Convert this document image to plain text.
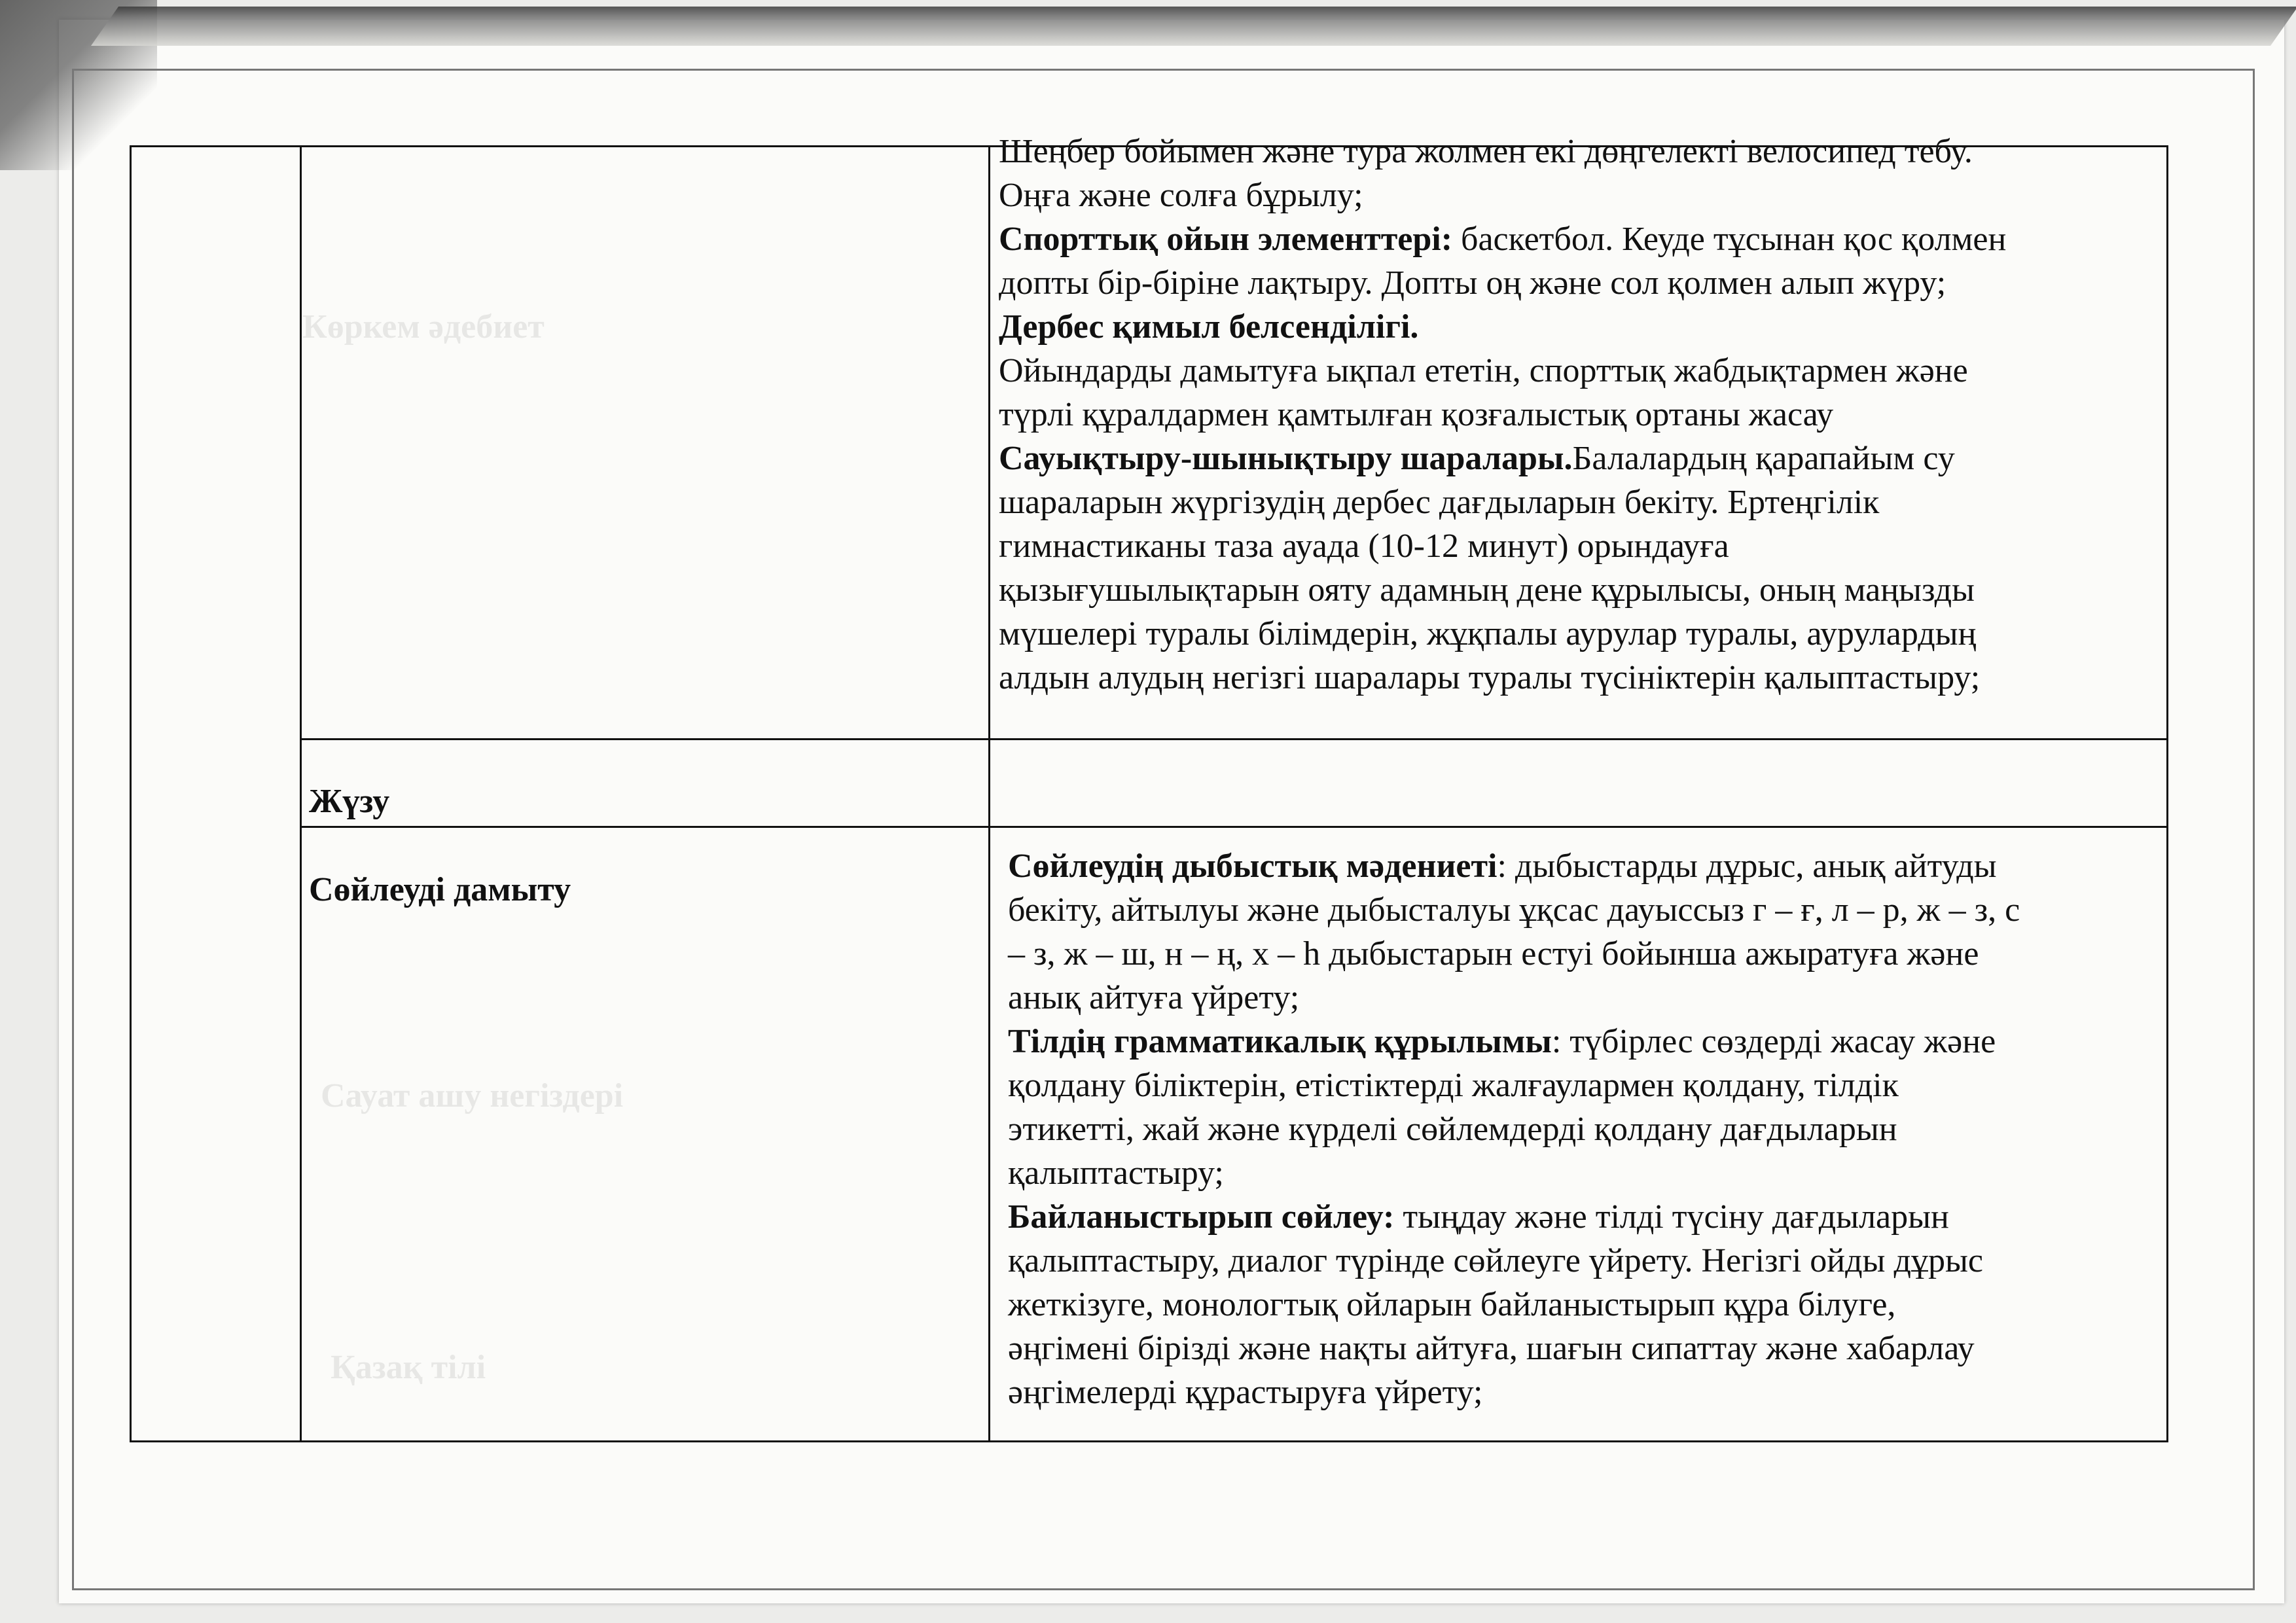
Көркем әдебиет
Сауат ашу негіздері
Қазақ тілі
Шеңбер бойымен және тура жолмен екі дөңгелекті велосипед тебу.
Оңға және солға бұрылу;
Спорттық ойын элементтері: баскетбол. Кеуде тұсынан қос қолмен
допты бір-біріне лақтыру. Допты оң және сол қолмен алып жүру;
Дербес қимыл белсенділігі.
Ойындарды дамытуға ықпал ететін, спорттық жабдықтармен және
түрлі құралдармен қамтылған қозғалыстық ортаны жасау
Сауықтыру-шынықтыру шаралары.Балалардың қарапайым су
шараларын жүргізудің дербес дағдыларын бекіту. Ертеңгілік
гимнастиканы таза ауада (10-12 минут) орындауға
қызығушылықтарын ояту адамның дене құрылысы, оның маңызды
мүшелері туралы білімдерін, жұқпалы аурулар туралы, аурулардың
алдын алудың негізгі шаралары туралы түсініктерін қалыптастыру;
Жүзу
Сөйлеуді дамыту
Сөйлеудің дыбыстық мәдениеті: дыбыстарды дұрыс, анық айтуды
бекіту, айтылуы және дыбысталуы ұқсас дауыссыз г – ғ, л – р, ж – з, с
– з, ж – ш, н – ң, х – һ дыбыстарын естуі бойынша ажыратуға және
анық айтуға үйрету;
Тілдің грамматикалық құрылымы: түбірлес сөздерді жасау және
қолдану біліктерін, етістіктерді жалғаулармен қолдану, тілдік
этикетті, жай және күрделі сөйлемдерді қолдану дағдыларын
қалыптастыру;
Байланыстырып сөйлеу: тыңдау және тілді түсіну дағдыларын
қалыптастыру, диалог түрінде сөйлеуге үйрету. Негізгі ойды дұрыс
жеткізуге, монологтық ойларын байланыстырып құра білуге,
әңгімені бірізді және нақты айтуға, шағын сипаттау және хабарлау
әңгімелерді құрастыруға үйрету;
